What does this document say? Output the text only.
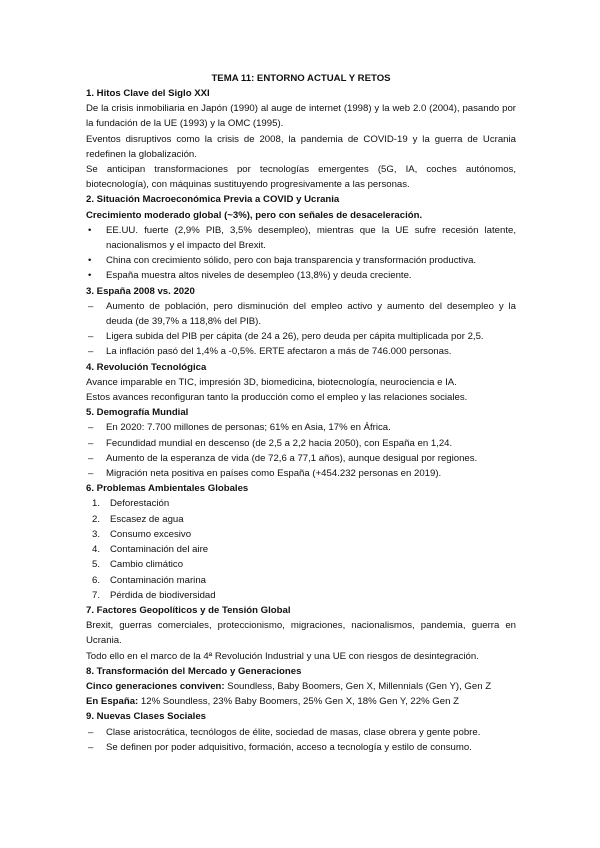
TEMA 11: ENTORNO ACTUAL Y RETOS
1. Hitos Clave del Siglo XXI
De la crisis inmobiliaria en Japón (1990) al auge de internet (1998) y la web 2.0 (2004), pasando por la fundación de la UE (1993) y la OMC (1995).
Eventos disruptivos como la crisis de 2008, la pandemia de COVID-19 y la guerra de Ucrania redefinen la globalización.
Se anticipan transformaciones por tecnologías emergentes (5G, IA, coches autónomos, biotecnología), con máquinas sustituyendo progresivamente a las personas.
2. Situación Macroeconómica Previa a COVID y Ucrania
Crecimiento moderado global (~3%), pero con señales de desaceleración.
•	EE.UU. fuerte (2,9% PIB, 3,5% desempleo), mientras que la UE sufre recesión latente, nacionalismos y el impacto del Brexit.
•	China con crecimiento sólido, pero con baja transparencia y transformación productiva.
•	España muestra altos niveles de desempleo (13,8%) y deuda creciente.
3. España 2008 vs. 2020
–	Aumento de población, pero disminución del empleo activo y aumento del desempleo y la deuda (de 39,7% a 118,8% del PIB).
–	Ligera subida del PIB per cápita (de 24 a 26), pero deuda per cápita multiplicada por 2,5.
–	La inflación pasó del 1,4% a -0,5%. ERTE afectaron a más de 746.000 personas.
4. Revolución Tecnológica
Avance imparable en TIC, impresión 3D, biomedicina, biotecnología, neurociencia e IA.
Estos avances reconfiguran tanto la producción como el empleo y las relaciones sociales.
5. Demografía Mundial
–	En 2020: 7.700 millones de personas; 61% en Asia, 17% en África.
–	Fecundidad mundial en descenso (de 2,5 a 2,2 hacia 2050), con España en 1,24.
–	Aumento de la esperanza de vida (de 72,6 a 77,1 años), aunque desigual por regiones.
–	Migración neta positiva en países como España (+454.232 personas en 2019).
6. Problemas Ambientales Globales
1.	Deforestación
2.	Escasez de agua
3.	Consumo excesivo
4.	Contaminación del aire
5.	Cambio climático
6.	Contaminación marina
7.	Pérdida de biodiversidad
7. Factores Geopolíticos y de Tensión Global
Brexit, guerras comerciales, proteccionismo, migraciones, nacionalismos, pandemia, guerra en Ucrania.
Todo ello en el marco de la 4ª Revolución Industrial y una UE con riesgos de desintegración.
8. Transformación del Mercado y Generaciones
Cinco generaciones conviven: Soundless, Baby Boomers, Gen X, Millennials (Gen Y), Gen Z
En España: 12% Soundless, 23% Baby Boomers, 25% Gen X, 18% Gen Y, 22% Gen Z
9. Nuevas Clases Sociales
–	Clase aristocrática, tecnólogos de élite, sociedad de masas, clase obrera y gente pobre.
–	Se definen por poder adquisitivo, formación, acceso a tecnología y estilo de consumo.
